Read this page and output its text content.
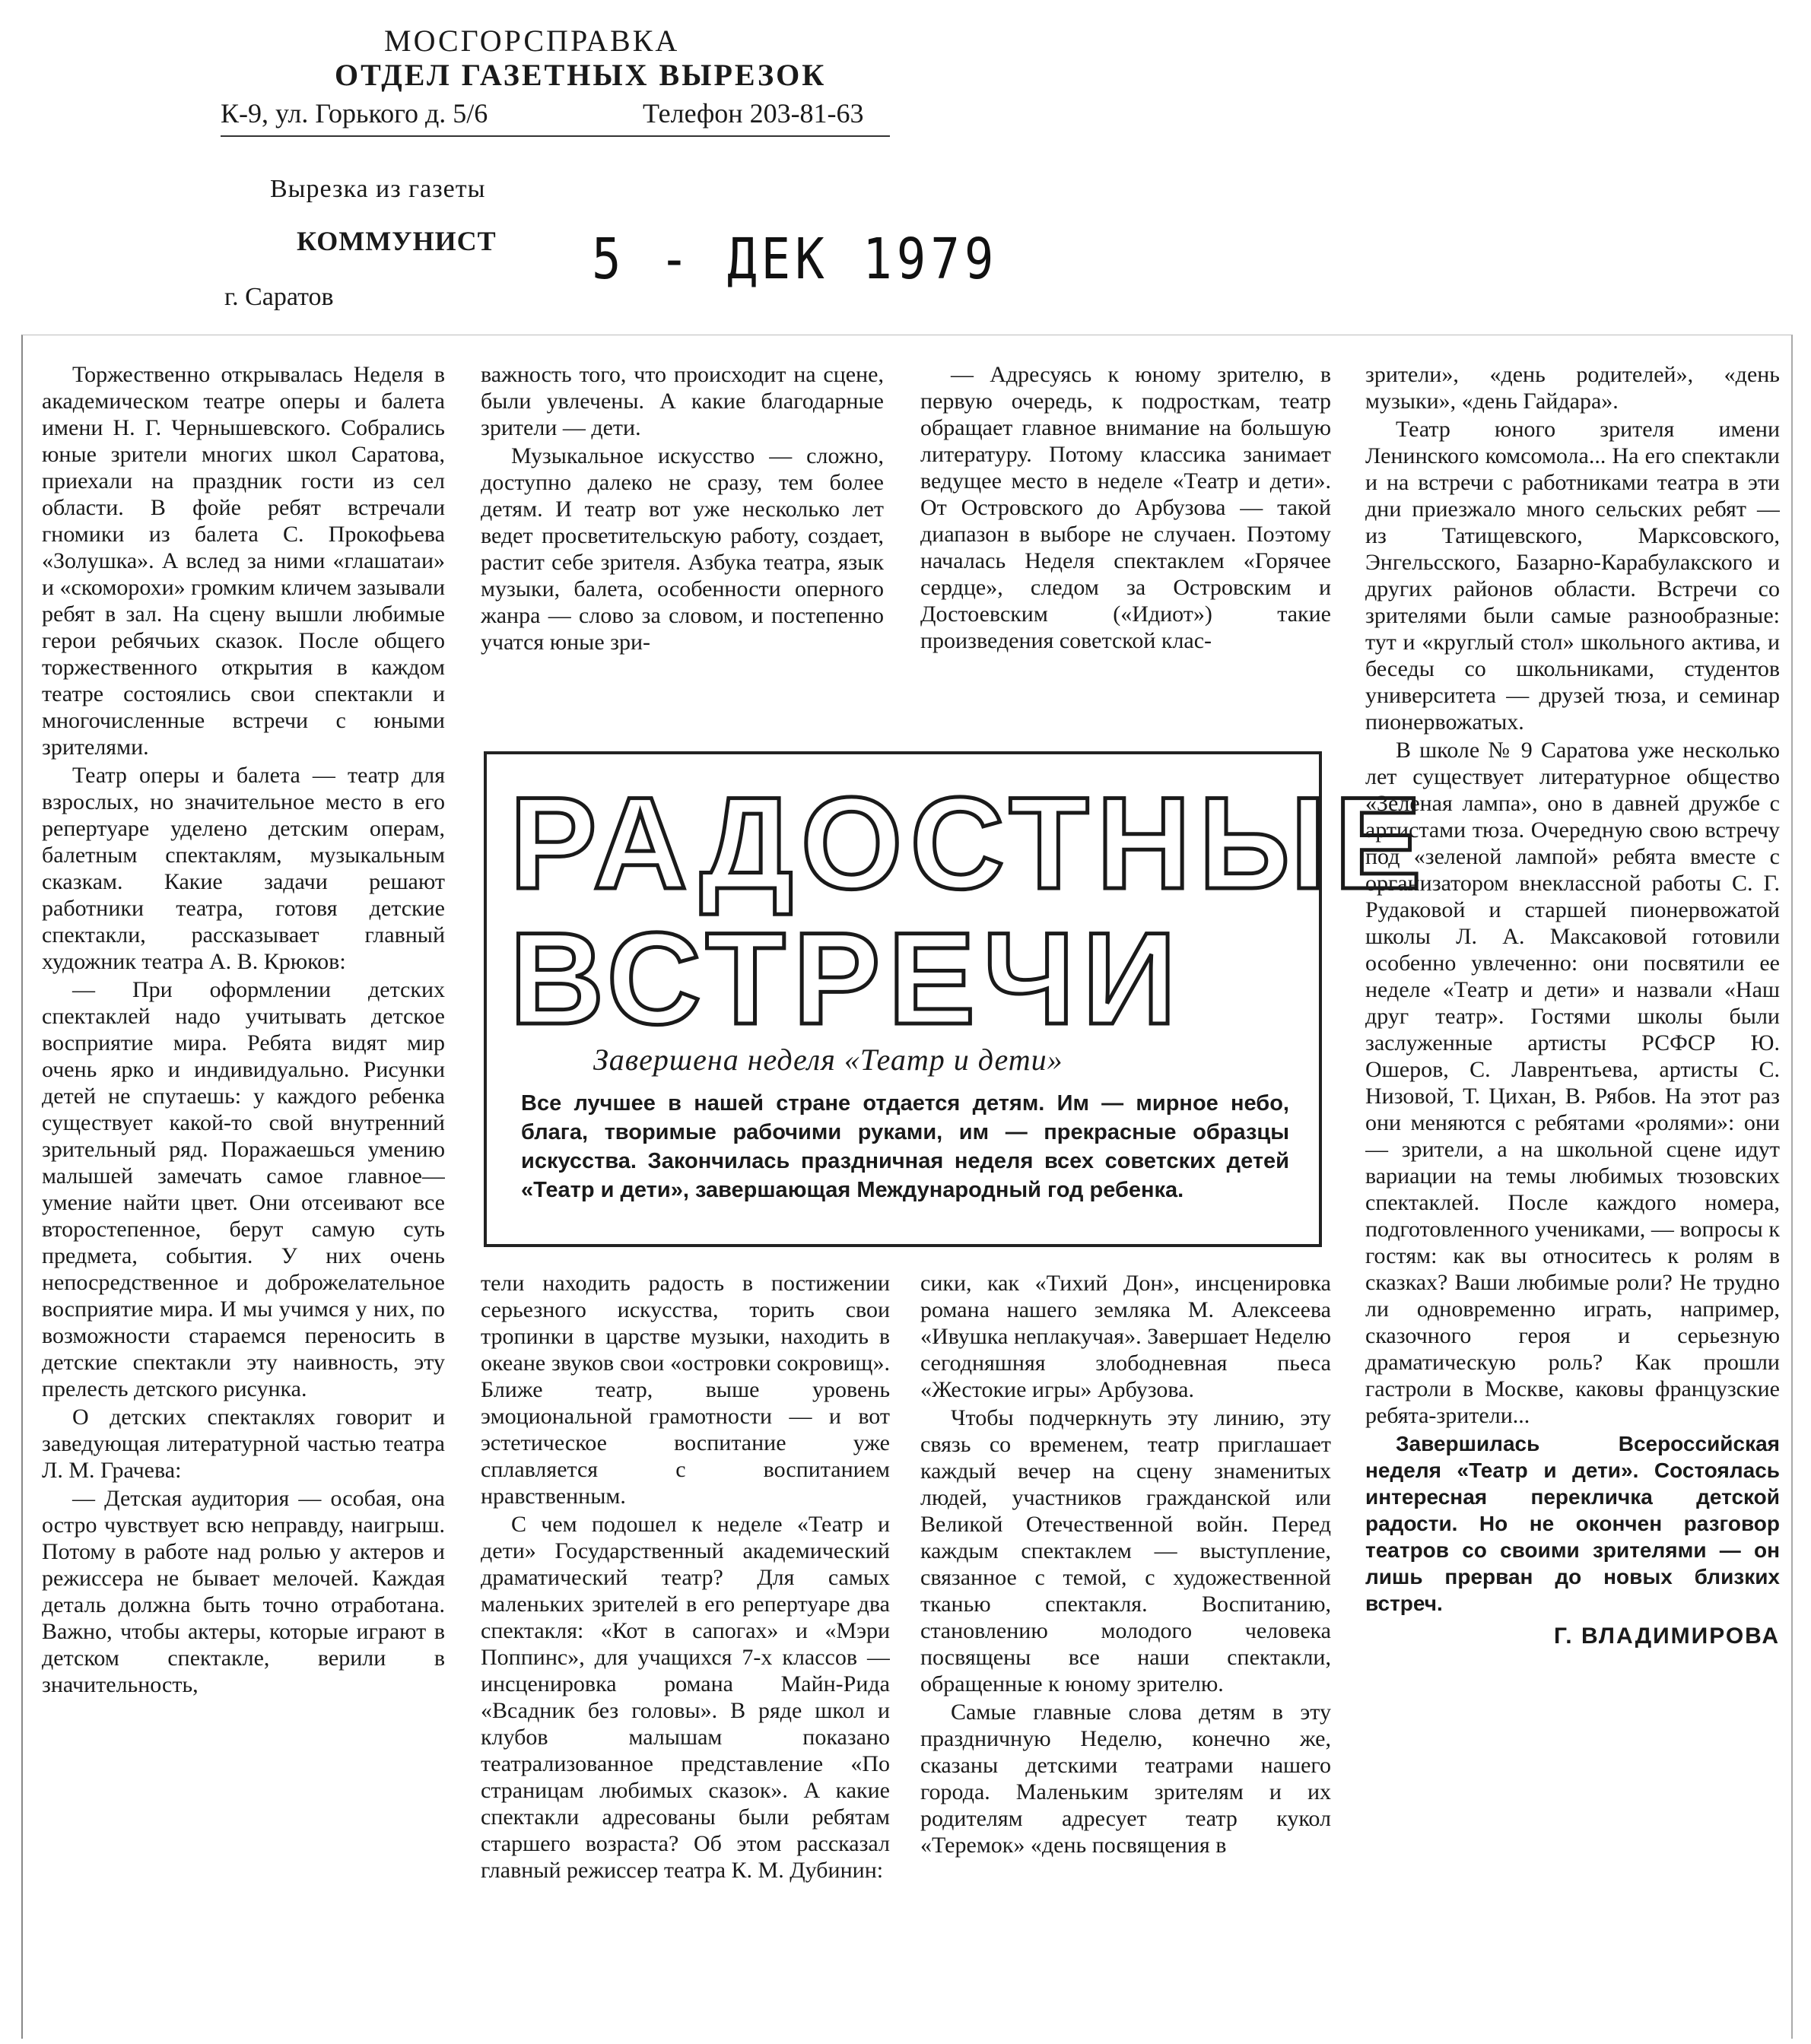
МОСГОРСПРАВКА
ОТДЕЛ ГАЗЕТНЫХ ВЫРЕЗОК
К-9, ул. Горького д. 5/6	Телефон 203-81-63
Вырезка из газеты
КОММУНИСТ
г. Саратов
5 - ДЕК 1979

Торжественно открывалась Неделя в академическом театре оперы и балета имени Н. Г. Чернышевского. Собрались юные зрители многих школ Саратова, приехали на праздник гости из сел области. В фойе ребят встречали гномики из балета С. Прокофьева «Золушка». А вслед за ними «глашатаи» и «скоморохи» громким кличем зазывали ребят в зал. На сцену вышли любимые герои ребячьих сказок. После общего торжественного открытия в каждом театре состоялись свои спектакли и многочисленные встречи с юными зрителями.

Театр оперы и балета — театр для взрослых, но значительное место в его репертуаре уделено детским операм, балетным спектаклям, музыкальным сказкам. Какие задачи решают работники театра, готовя детские спектакли, рассказывает главный художник театра А. В. Крюков:

— При оформлении детских спектаклей надо учитывать детское восприятие мира. Ребята видят мир очень ярко и индивидуально. Рисунки детей не спутаешь: у каждого ребенка существует какой-то свой внутренний зрительный ряд. Поражаешься умению малышей замечать самое главное— умение найти цвет. Они отсеивают все второстепенное, берут самую суть предмета, события. У них очень непосредственное и доброжелательное восприятие мира. И мы учимся у них, по возможности стараемся переносить в детские спектакли эту наивность, эту прелесть детского рисунка.

О детских спектаклях говорит и заведующая литературной частью театра Л. М. Грачева:

— Детская аудитория — особая, она остро чувствует всю неправду, наигрыш. Потому в работе над ролью у актеров и режиссера не бывает мелочей. Каждая деталь должна быть точно отработана. Важно, чтобы актеры, которые играют в детском спектакле, верили в значительность,

важность того, что происходит на сцене, были увлечены. А какие благодарные зрители — дети.

Музыкальное искусство — сложно, доступно далеко не сразу, тем более детям. И театр вот уже несколько лет ведет просветительскую работу, создает, растит себе зрителя. Азбука театра, язык музыки, балета, особенности оперного жанра — слово за словом, и постепенно учатся юные зри-

— Адресуясь к юному зрителю, в первую очередь, к подросткам, театр обращает главное внимание на большую литературу. Потому классика занимает ведущее место в неделе «Театр и дети». От Островского до Арбузова — такой диапазон в выборе не случаен. Поэтому началась Неделя спектаклем «Горячее сердце», следом за Островским и Достоевским («Идиот») такие произведения советской клас-

РАДОСТНЫЕ
ВСТРЕЧИ
Завершена неделя «Театр и дети»
Все лучшее в нашей стране отдается детям. Им — мирное небо, блага, творимые рабочими руками, им — прекрасные образцы искусства. Закончилась праздничная неделя всех советских детей «Театр и дети», завершающая Международный год ребенка.

тели находить радость в постижении серьезного искусства, торить свои тропинки в царстве музыки, находить в океане звуков свои «островки сокровищ». Ближе театр, выше уровень эмоциональной грамотности — и вот эстетическое воспитание уже сплавляется с воспитанием нравственным.

С чем подошел к неделе «Театр и дети» Государственный академический драматический театр? Для самых маленьких зрителей в его репертуаре два спектакля: «Кот в сапогах» и «Мэри Поппинс», для учащихся 7-х классов — инсценировка романа Майн-Рида «Всадник без головы». В ряде школ и клубов малышам показано театрализованное представление «По страницам любимых сказок». А какие спектакли адресованы были ребятам старшего возраста? Об этом рассказал главный режиссер театра К. М. Дубинин:

сики, как «Тихий Дон», инсценировка романа нашего земляка М. Алексеева «Ивушка неплакучая». Завершает Неделю сегодняшняя злободневная пьеса «Жестокие игры» Арбузова.

Чтобы подчеркнуть эту линию, эту связь со временем, театр приглашает каждый вечер на сцену знаменитых людей, участников гражданской или Великой Отечественной войн. Перед каждым спектаклем — выступление, связанное с темой, с художественной тканью спектакля. Воспитанию, становлению молодого человека посвящены все наши спектакли, обращенные к юному зрителю.

Самые главные слова детям в эту праздничную Неделю, конечно же, сказаны детскими театрами нашего города. Маленьким зрителям и их родителям адресует театр кукол «Теремок» «день посвящения в

зрители», «день родителей», «день музыки», «день Гайдара».

Театр юного зрителя имени Ленинского комсомола... На его спектакли и на встречи с работниками театра в эти дни приезжало много сельских ребят — из Татищевского, Марксовского, Энгельсского, Базарно-Карабулакского и других районов области. Встречи со зрителями были самые разнообразные: тут и «круглый стол» школьного актива, и беседы со школьниками, студентов университета — друзей тюза, и семинар пионервожатых.

В школе № 9 Саратова уже несколько лет существует литературное общество «Зеленая лампа», оно в давней дружбе с артистами тюза. Очередную свою встречу под «зеленой лампой» ребята вместе с организатором внеклассной работы С. Г. Рудаковой и старшей пионервожатой школы Л. А. Максаковой готовили особенно увлеченно: они посвятили ее неделе «Театр и дети» и назвали «Наш друг театр». Гостями школы были заслуженные артисты РСФСР Ю. Ошеров, С. Лаврентьева, артисты С. Низовой, Т. Цихан, В. Рябов. На этот раз они меняются с ребятами «ролями»: они — зрители, а на школьной сцене идут вариации на темы любимых тюзовских спектаклей. После каждого номера, подготовленного учениками, — вопросы к гостям: как вы относитесь к ролям в сказках? Ваши любимые роли? Не трудно ли одновременно играть, например, сказочного героя и серьезную драматическую роль? Как прошли гастроли в Москве, каковы французские ребята-зрители...

Завершилась Всероссийская неделя «Театр и дети». Состоялась интересная перекличка детской радости. Но не окончен разговор театров со своими зрителями — он лишь прерван до новых близких встреч.

Г. ВЛАДИМИРОВА
